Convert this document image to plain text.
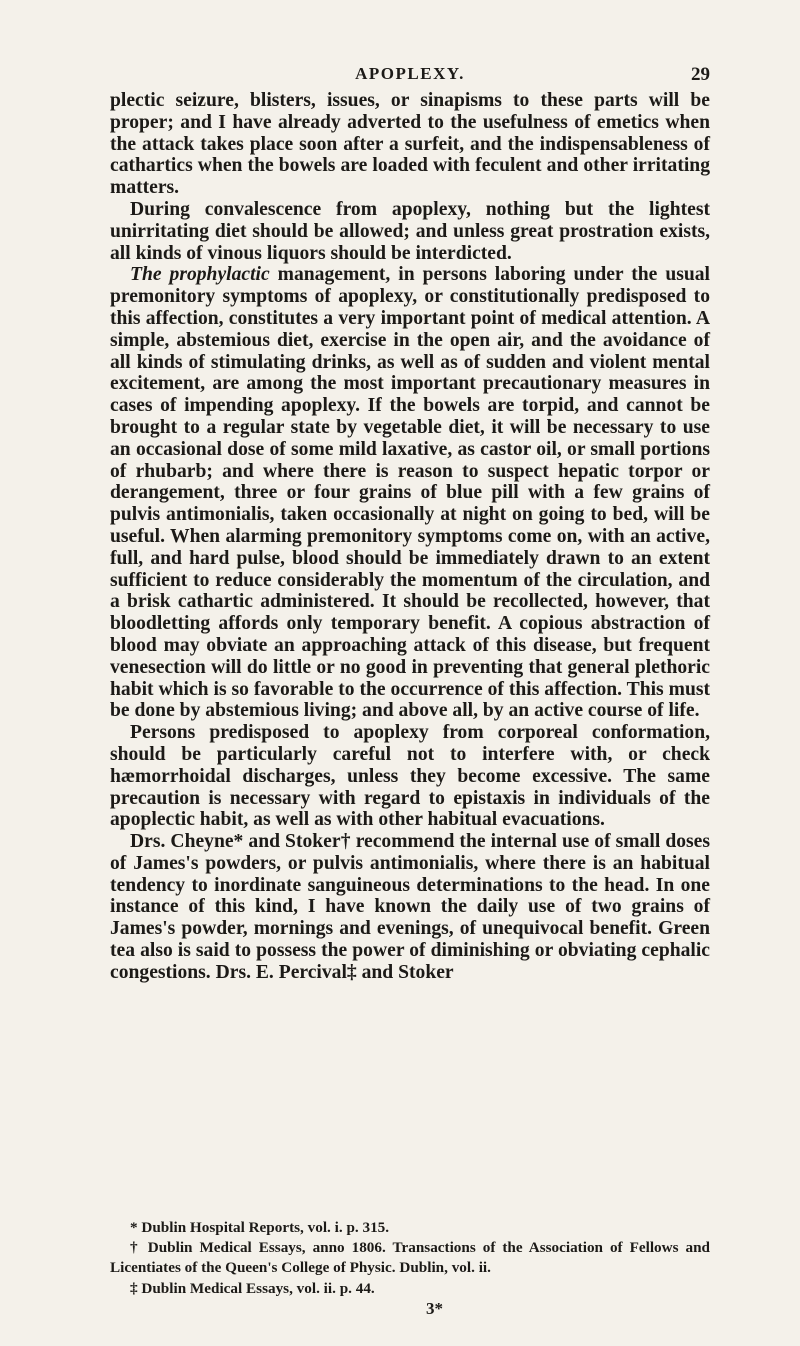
APOPLEXY.	29

plectic seizure, blisters, issues, or sinapisms to these parts will be proper; and I have already adverted to the usefulness of emetics when the attack takes place soon after a surfeit, and the indispensableness of cathartics when the bowels are loaded with feculent and other irritating matters.

During convalescence from apoplexy, nothing but the lightest unirritating diet should be allowed; and unless great prostration exists, all kinds of vinous liquors should be interdicted.

The prophylactic management, in persons laboring under the usual premonitory symptoms of apoplexy, or constitutionally predisposed to this affection, constitutes a very important point of medical attention. A simple, abstemious diet, exercise in the open air, and the avoidance of all kinds of stimulating drinks, as well as of sudden and violent mental excitement, are among the most important precautionary measures in cases of impending apoplexy. If the bowels are torpid, and cannot be brought to a regular state by vegetable diet, it will be necessary to use an occasional dose of some mild laxative, as castor oil, or small portions of rhubarb; and where there is reason to suspect hepatic torpor or derangement, three or four grains of blue pill with a few grains of pulvis antimonialis, taken occasionally at night on going to bed, will be useful. When alarming premonitory symptoms come on, with an active, full, and hard pulse, blood should be immediately drawn to an extent sufficient to reduce considerably the momentum of the circulation, and a brisk cathartic administered. It should be recollected, however, that bloodletting affords only temporary benefit. A copious abstraction of blood may obviate an approaching attack of this disease, but frequent venesection will do little or no good in preventing that general plethoric habit which is so favorable to the occurrence of this affection. This must be done by abstemious living; and above all, by an active course of life.

Persons predisposed to apoplexy from corporeal conformation, should be particularly careful not to interfere with, or check hæmorrhoidal discharges, unless they become excessive. The same precaution is necessary with regard to epistaxis in individuals of the apoplectic habit, as well as with other habitual evacuations.

Drs. Cheyne* and Stoker† recommend the internal use of small doses of James's powders, or pulvis antimonialis, where there is an habitual tendency to inordinate sanguineous determinations to the head. In one instance of this kind, I have known the daily use of two grains of James's powder, mornings and evenings, of unequivocal benefit. Green tea also is said to possess the power of diminishing or obviating cephalic congestions. Drs. E. Percival‡ and Stoker

* Dublin Hospital Reports, vol. i. p. 315.

† Dublin Medical Essays, anno 1806. Transactions of the Association of Fellows and Licentiates of the Queen's College of Physic. Dublin, vol. ii.

‡ Dublin Medical Essays, vol. ii. p. 44.

3*
